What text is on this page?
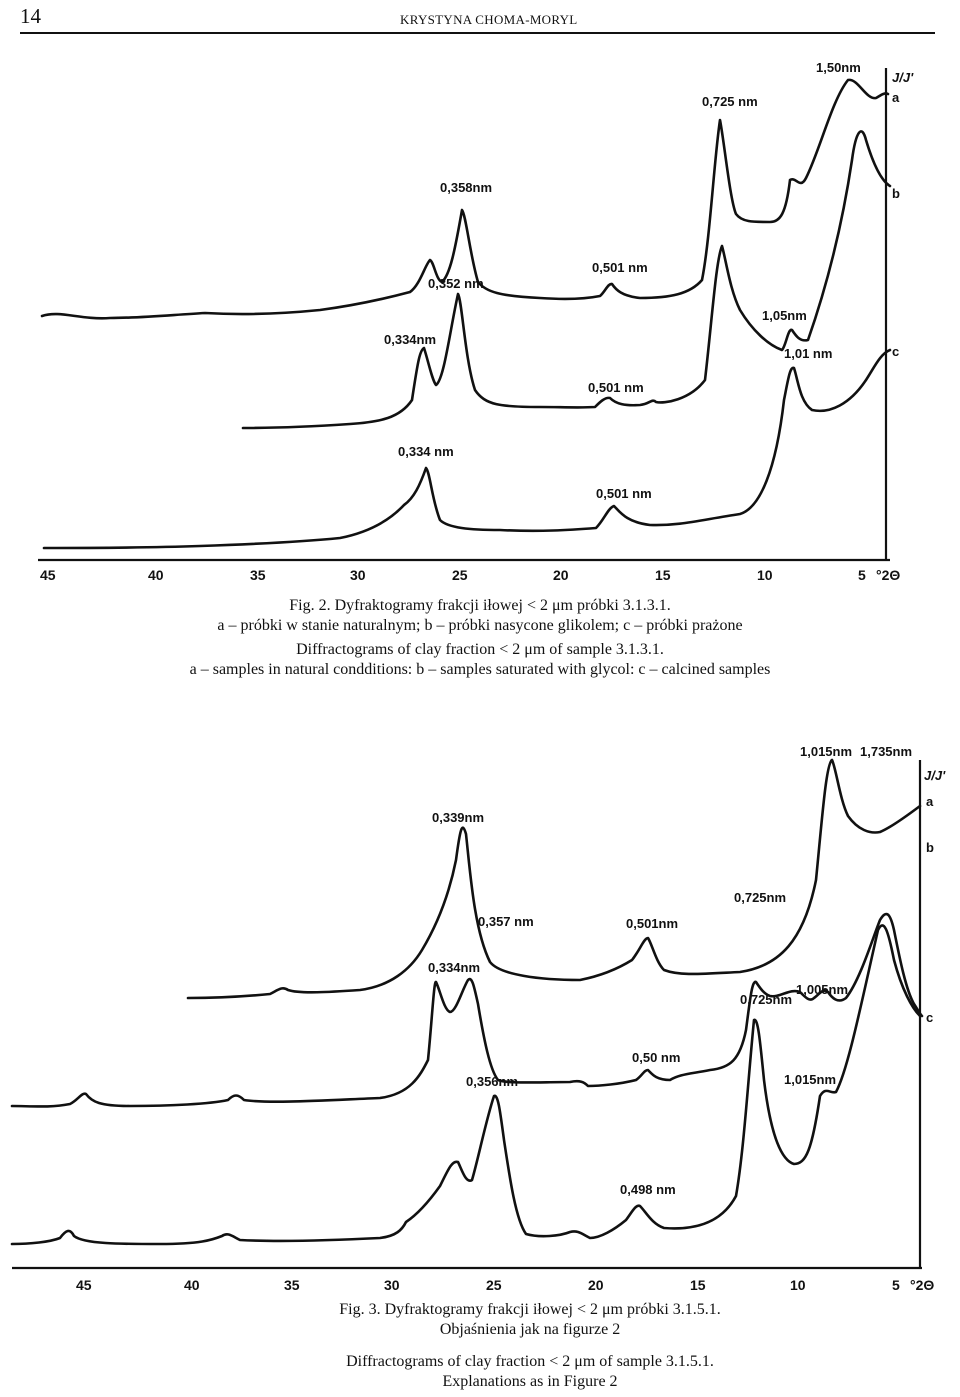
14	KRYSTYNA CHOMA-MORYL
45	40	35	30	25	20	15	10	5 °2Θ
J/J'
a
b
c
0,358nm
0,501 nm
0,725 nm
1,50nm
0,352 nm
0,334nm
0,501 nm
1,05nm
1,01 nm
0,334 nm
0,501 nm
Fig. 2. Dyfraktogramy frakcji iłowej < 2 μm próbki 3.1.3.1.
a – próbki w stanie naturalnym; b – próbki nasycone glikolem; c – próbki prażone
Diffractograms of clay fraction < 2 μm of sample 3.1.3.1.
a – samples in natural condditions: b – samples saturated with glycol: c – calcined samples
45	40	35	30	25	20	15	10	5 °2Θ
J/J'
a
b
c
1,015nm 1,735nm
0,339nm
0,357 nm	0,501nm
0,725nm
0,334nm
1,005nm
0,725nm
0,50 nm
0,356nm	1,015nm
0,498 nm
Fig. 3. Dyfraktogramy frakcji iłowej < 2 μm próbki 3.1.5.1.
Objaśnienia jak na figurze 2
Diffractograms of clay fraction < 2 μm of sample 3.1.5.1.
Explanations as in Figure 2
